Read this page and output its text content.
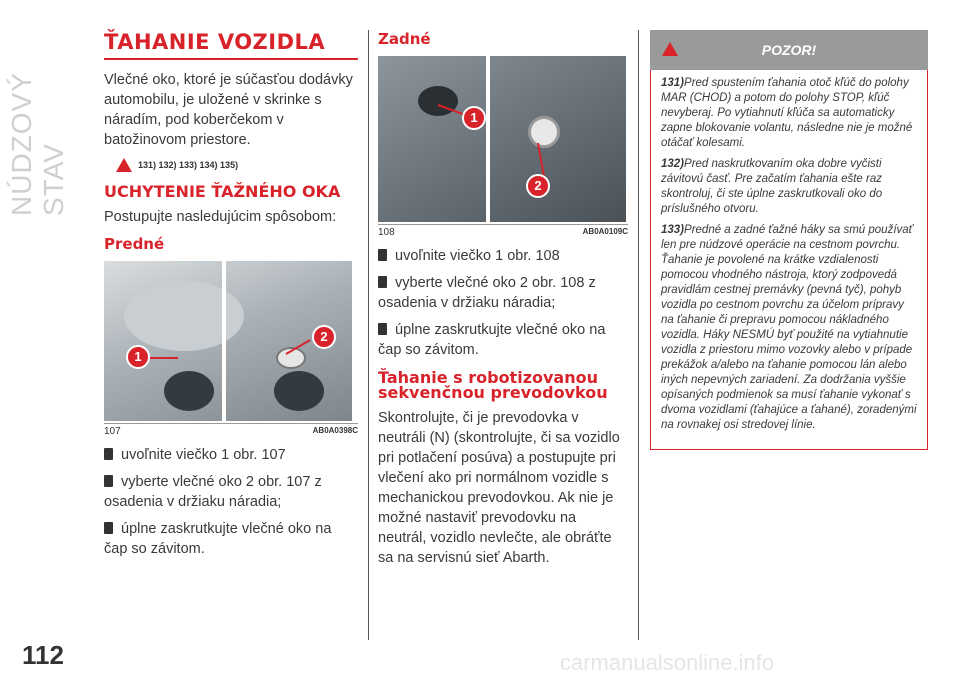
NÚDZOVÝ STAV
112
ŤAHANIE VOZIDLA

Vlečné oko, ktoré je súčasťou dodávky automobilu, je uložené v skrinke s náradím, pod koberčekom v batožinovom priestore.

131) 132) 133) 134) 135)
UCHYTENIE ŤAŽNÉHO OKA

Postupujte nasledujúcim spôsobom:

Predné
1
2
107	AB0A0398C
uvoľnite viečko 1 obr. 107
vyberte vlečné oko 2 obr. 107 z osadenia v držiaku náradia;
úplne zaskrutkujte vlečné oko na čap so závitom.
Zadné
1
2
108	AB0A0109C
uvoľnite viečko 1 obr. 108
vyberte vlečné oko 2 obr. 108 z osadenia v držiaku náradia;
úplne zaskrutkujte vlečné oko na čap so závitom.
Ťahanie s robotizovanou sekvenčnou prevodovkou

Skontrolujte, či je prevodovka v neutráli (N) (skontrolujte, či sa vozidlo pri potlačení posúva) a postupujte pri vlečení ako pri normálnom vozidle s mechanickou prevodovkou. Ak nie je možné nastaviť prevodovku na neutrál, vozidlo nevlečte, ale obráťte sa na servisnú sieť Abarth.

POZOR!

131)Pred spustením ťahania otoč kľúč do polohy MAR (CHOD) a potom do polohy STOP, kľúč nevyberaj. Po vytiahnutí kľúča sa automaticky zapne blokovanie volantu, následne nie je možné otáčať kolesami.

132)Pred naskrutkovaním oka dobre vyčisti závitovú časť. Pre začatím ťahania ešte raz skontroluj, či ste úplne zaskrutkovali oko do príslušného otvoru.

133)Predné a zadné ťažné háky sa smú používať len pre núdzové operácie na cestnom povrchu. Ťahanie je povolené na krátke vzdialenosti pomocou vhodného nástroja, ktorý zodpovedá pravidlám cestnej premávky (pevná tyč), pohyb vozidla po cestnom povrchu za účelom prípravy na ťahanie či prepravu pomocou nákladného vozidla. Háky NESMÚ byť použité na vytiahnutie vozidla z priestoru mimo vozovky alebo v prípade prekážok a/alebo na ťahanie pomocou lán alebo iných nepevných zariadení. Za dodržania vyššie opísaných podmienok sa musí ťahanie vykonať s dvoma vozidlami (ťahajúce a ťahané), zoradenými na rovnakej osi stredovej línie.

carmanualsonline.info
